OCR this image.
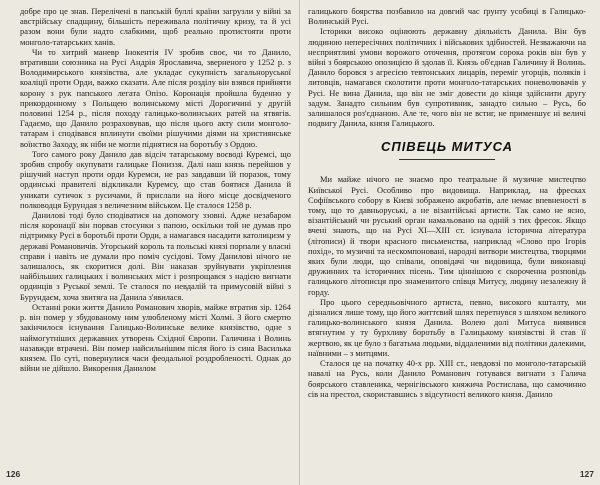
добре про це знав. Переліченi в папській буллі країни загрузли у війні за австрійську спадщину, більшість переживала політичну кризу, та й усі разом вони були надто слабкими, щоб реально протистояти проти монголо-татарських ханів.

Чи то хитрий маневр Інокентія IV зробив своє, чи то Данило, втративши союзника на Русі Андрія Ярославича, зверненого у 1252 р. з Володимирського князівства, але укладає сукупність загальноруської коаліції проти Орди, важко сказати. Але після розділу він взявся прийняти корону з рук папського легата Опізо. Коронація пройшла буденно у прикордонному з Польщею волинському місті Дорогичині у другій половині 1254 р., після походу галицько-волинських ратей на ятвягів. Гадаємо, що Данило розраховував, що після цього акту сили монголо-татарам і сподівався вплинути своїми рішучими діями на християнське воїнство Заходу, як ніби не могли піднятися на боротьбу з Ордою.

Того самого року Данило дав відсіч татарському воєводі Куремсі, що зробив спробу окупувати галицьке Пониззя. Далі наш князь перейшов у рішучий наступ проти орди Куремси, не раз завдавши їй поразок, тому ординські правителі відкликали Куремсу, що став боятися Данила й уникати сутичок з русичами, й прислали на його місце досвідченого полководця Бурундая з величезним військом. Це сталося 1258 р.

Данилові тоді було сподіватися на допомогу ззовні. Адже незабаром після коронації він порвав стосунки з папою, оскільки той не думав про підтримку Русі в боротьбі проти Орди, а намагався насадити католицизм у державі Романовичів. Угорський король та польські князі порпали у власні справи і навіть не думали про поміч сусідові. Тому Данилові нічого не залишалось, як скоритися долі. Він наказав зруйнувати укріплення найбільших галицьких і волинських міст і розпрощався з надією вигнати ординців з Руської землі. Те сталося по невдалій та примусовій війні з Бурундаєм, хоча звитяга на Данила з'явилася.

Останні роки життя Данило Романович хворів, майже втратив зір. 1264 р. він помер у збудованому ним улюбленому місті Холмі. З його смертю закінчилося існування Галицько-Волинське велике князівство, одне з наймогутніших державних утворень Східної Європи. Галичина і Волинь назавжди втрачені. Він помер найсильнішим після його із сина Василька князем. По суті, повернулися часи феодальної роздробленості. Однак до війни не дійшло. Викорення Данилом

126

галицького боярства позбавило на довгий час ґрунту усобиці в Галицько-Волинській Русі.

Історики високо оцінюють державну діяльність Данила. Він був людиною непересічних політичних і військових здібностей. Незважаючи на несприятливі умови ворожого оточення, протягом сорока років він був у війні з боярською опозицією й здолав її. Князь об'єднав Галичину й Волинь. Данило боровся з агресією тевтонських лицарів, переміг угорців, поляків і литовців, намагався сколотити проти монголо-татарських поневолювачів у Русі. Не вина Данила, що він не зміг довести до кінця здійснити другу задум. Занадто сильним був супротивник, занадто сильно – Русь, бо залишалося роз'єднаною. Але те, чого він не встиг, не применшує ні величі подвигу Данила, князя Галицького.

СПІВЕЦЬ МИТУСА

Ми майже нічого не знаємо про театральне й музичне мистецтво Київської Русі. Особливо про видовища. Наприклад, на фресках Софіївського собору в Києві зображено акробатів, але немає впевненості в тому, що то давньоруські, а не візантійські артисти. Так само не ясно, візантійський чи руський орган намальовано на одній з тих фресок. Якщо вчені знають, що на Русі ХІ—ХІІІ ст. існувала історична література (літописи) й твори красного письменства, наприклад «Слово про Ігорів похід», то музичні та нескомпоновані, народні витвори мистецтва, творцями яких були люди, що співали, оповідачі чи видовища, були виконавці дружинних та історичних пісень. Тим ціннішою є скороченна розповідь галицького літописця про знаменитого співця Митусу, людину незалежну й горду.

Про цього середньовічного артиста, певно, високого кшталту, ми дізналися лише тому, що його життєвий шлях перетнувся з шляхом великого галицько-волинського князя Данила. Волею долі Митуса виявився втягнутим у ту бурхливу боротьбу в Галицькому князівстві й став її жертвою, як це було з багатьма людьми, віддаленими від політики далекими, наївними – з митцями.

Сталося це на початку 40-х рр. ХІІІ ст., невдовзі по монголо-татарській навалі на Русь, коли Данило Романович готувався вигнати з Галича боярського ставленика, чернігівського княжича Ростислава, що самочинно сів на престол, скориставшись з відсутності великого князя. Данило

127
